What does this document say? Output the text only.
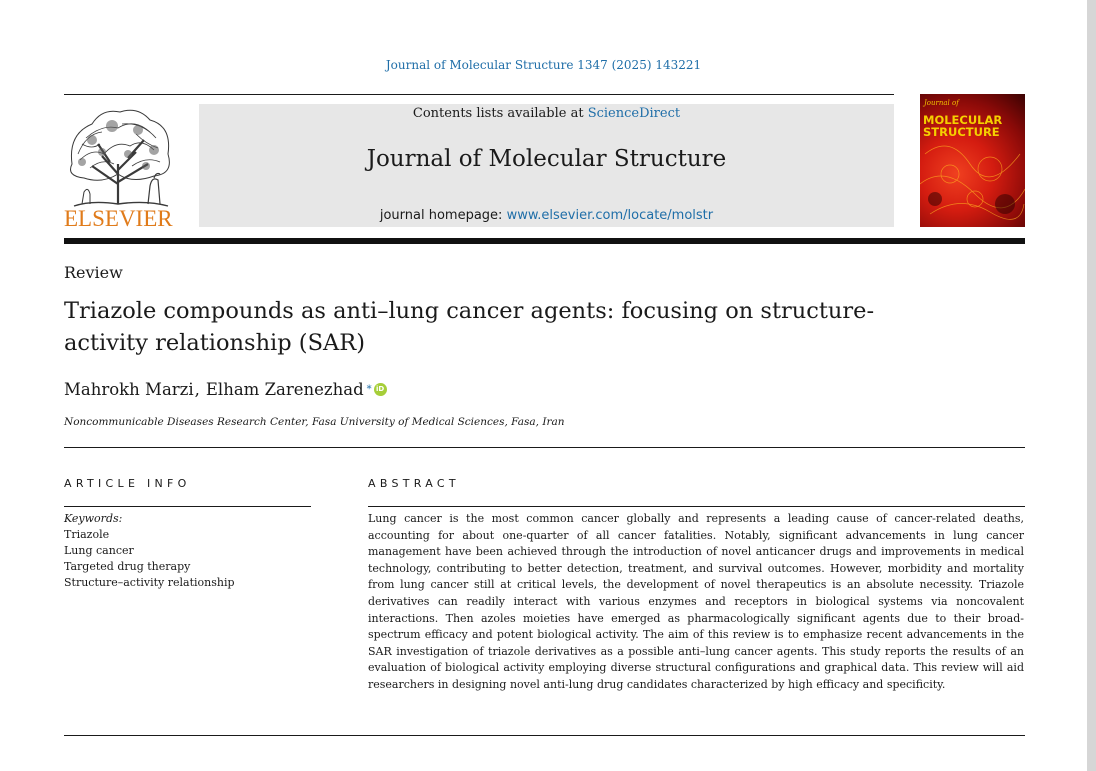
Journal of Molecular Structure 1347 (2025) 143221
ELSEVIER
Contents lists available at ScienceDirect
Journal of Molecular Structure
journal homepage: www.elsevier.com/locate/molstr
Journal of
MOLECULAR
STRUCTURE
Review
Triazole compounds as anti–lung cancer agents: focusing on structure-activity relationship (SAR)
Mahrokh Marzi , Elham Zarenezhad * iD
Noncommunicable Diseases Research Center, Fasa University of Medical Sciences, Fasa, Iran
ARTICLE INFO	ABSTRACT
Keywords:
Triazole
Lung cancer
Targeted drug therapy
Structure–activity relationship

Lung cancer is the most common cancer globally and represents a leading cause of cancer-related deaths, accounting for about one-quarter of all cancer fatalities. Notably, significant advancements in lung cancer management have been achieved through the introduction of novel anticancer drugs and improvements in medical technology, contributing to better detection, treatment, and survival outcomes. However, morbidity and mortality from lung cancer still at critical levels, the development of novel therapeutics is an absolute necessity. Triazole derivatives can readily interact with various enzymes and receptors in biological systems via noncovalent interactions. Then azoles moieties have emerged as pharmacologically significant agents due to their broad-spectrum efficacy and potent biological activity. The aim of this review is to emphasize recent advancements in the SAR investigation of triazole derivatives as a possible anti–lung cancer agents. This study reports the results of an evaluation of biological activity employing diverse structural configurations and graphical data. This review will aid researchers in designing novel anti-lung drug candidates characterized by high efficacy and specificity.
